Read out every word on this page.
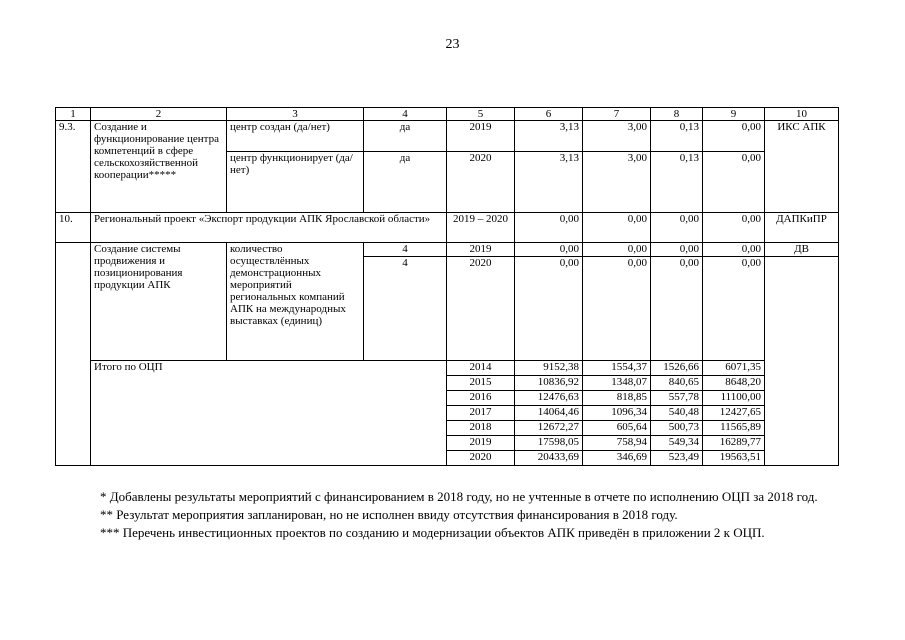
23
1	2	3	4	5	6	7	8	9	10
9.3.	Создание и функционирование центра компетенций в сфере сельскохозяйственной кооперации*****	центр создан (да/нет)	да	2019	3,13	3,00	0,13	0,00	ИКС АПК
		центр функционирует (да/нет)	да	2020	3,13	3,00	0,13	0,00	
10.	Региональный проект «Экспорт продукции АПК Ярославской области»			2019 – 2020	0,00	0,00	0,00	0,00	ДАПКиПР
	Создание системы продвижения и позиционирования продукции АПК	количество осуществлённых демонстрационных мероприятий региональных компаний АПК на международных выставках (единиц)	4	2019	0,00	0,00	0,00	0,00	ДВ
			4	2020	0,00	0,00	0,00	0,00	
	Итого по ОЦП			2014	9152,38	1554,37	1526,66	6071,35	
				2015	10836,92	1348,07	840,65	8648,20	
				2016	12476,63	818,85	557,78	11100,00	
				2017	14064,46	1096,34	540,48	12427,65	
				2018	12672,27	605,64	500,73	11565,89	
				2019	17598,05	758,94	549,34	16289,77	
				2020	20433,69	346,69	523,49	19563,51	

* Добавлены результаты мероприятий с финансированием в 2018 году, но не учтенные в отчете по исполнению ОЦП за 2018 год.

** Результат мероприятия запланирован, но не исполнен ввиду отсутствия финансирования в 2018 году.

*** Перечень инвестиционных проектов по созданию и модернизации объектов АПК приведён в приложении 2 к ОЦП.
